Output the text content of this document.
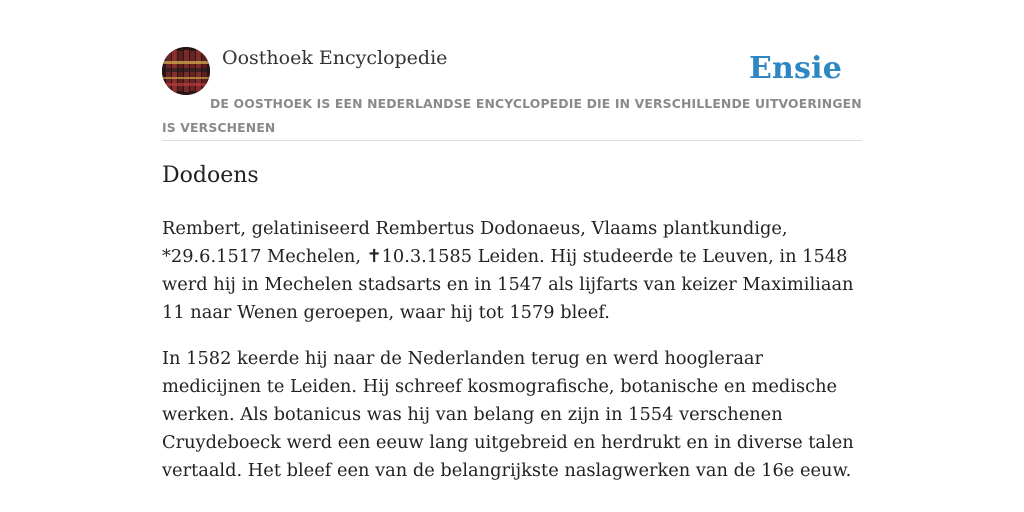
Oosthoek Encyclopedie	Ensie
DE OOSTHOEK IS EEN NEDERLANDSE ENCYCLOPEDIE DIE IN VERSCHILLENDE UITVOERINGEN IS VERSCHENEN
Dodoens

Rembert, gelatiniseerd Rembertus Dodonaeus, Vlaams plantkundige, *29.6.1517 Mechelen, ✝10.3.1585 Leiden. Hij studeerde te Leuven, in 1548 werd hij in Mechelen stadsarts en in 1547 als lijfarts van keizer Maximiliaan 11 naar Wenen geroepen, waar hij tot 1579 bleef.

In 1582 keerde hij naar de Nederlanden terug en werd hoogleraar medicijnen te Leiden. Hij schreef kosmografische, botanische en medische werken. Als botanicus was hij van belang en zijn in 1554 verschenen Cruydeboeck werd een eeuw lang uitgebreid en herdrukt en in diverse talen vertaald. Het bleef een van de belangrijkste naslagwerken van de 16e eeuw.
